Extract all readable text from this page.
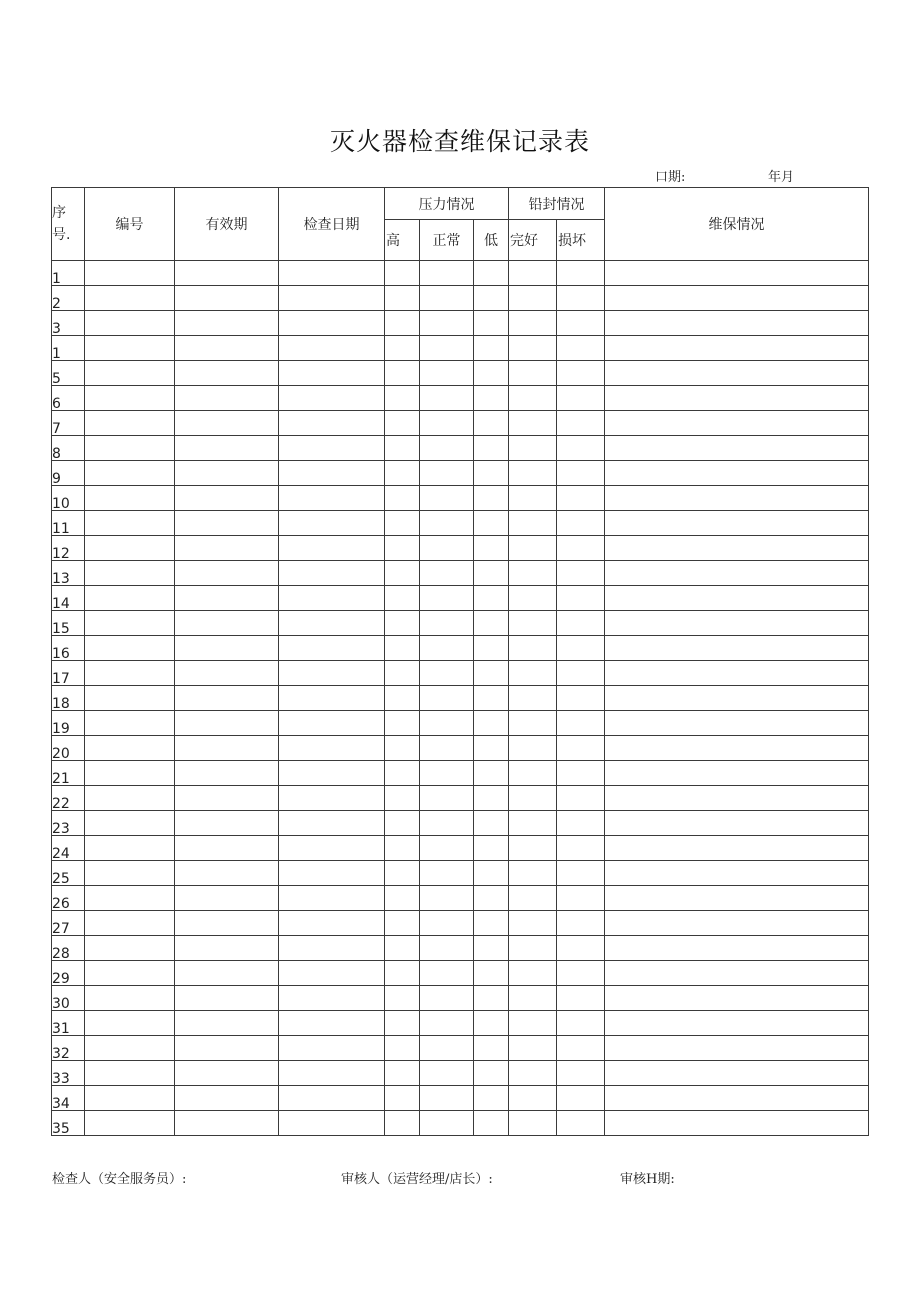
灭火器检查维保记录表
口期:	年月
序号.	编号	有效期	检查日期	压力情况			铅封情况		维保情况
				高	正常	低	完好	损坏	
1									
2									
3									
1									
5									
6									
7									
8									
9									
10									
11									
12									
13									
14									
15									
16									
17									
18									
19									
20									
21									
22									
23									
24									
25									
26									
27									
28									
29									
30									
31									
32									
33									
34									
35									
检查人（安全服务员）:	审核人（运营经理/店长）:	审核H期:
